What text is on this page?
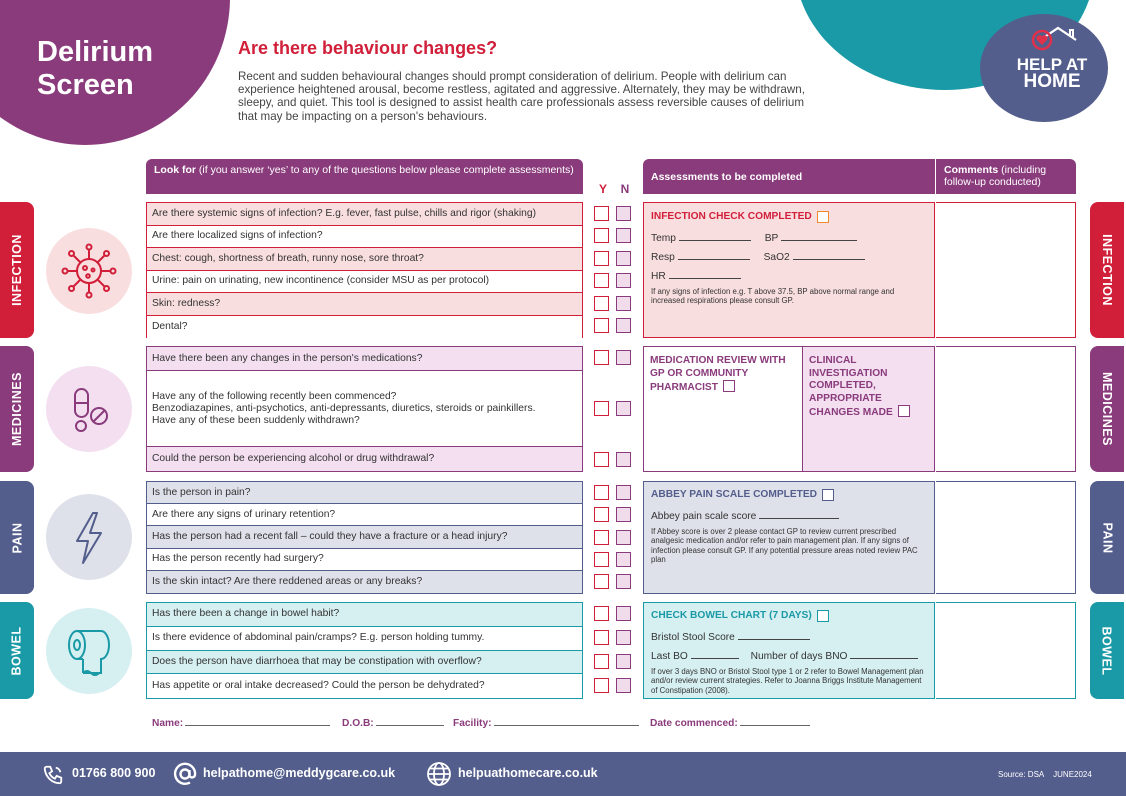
Delirium
Screen
HELP AT
HOME
Are there behaviour changes?
Recent and sudden behavioural changes should prompt consideration of delirium. People with delirium can experience heightened arousal, become restless, agitated and aggressive. Alternately, they may be withdrawn, sleepy, and quiet. This tool is designed to assist health care professionals assess reversible causes of delirium that may be impacting on a person's behaviours.
Look for (if you answer ‘yes’ to any of the questions below please complete assessments)
Y	N
Assessments to be completed
Comments (including follow-up conducted)
INFECTION	INFECTION
Are there systemic signs of infection? E.g. fever, fast pulse, chills and rigor (shaking)
Are there localized signs of infection?
Chest: cough, shortness of breath, runny nose, sore throat?
Urine: pain on urinating, new incontinence (consider MSU as per protocol)
Skin: redness?
Dental?
INFECTION CHECK COMPLETED
Temp	BP
Resp	SaO2
HR
If any signs of infection e.g. T above 37.5, BP above normal range and increased respirations please consult GP.
MEDICINES	MEDICINES
Have there been any changes in the person's medications?
Have any of the following recently been commenced?
Benzodiazapines, anti-psychotics, anti-depressants, diuretics, steroids or painkillers.
Have any of these been suddenly withdrawn?
Could the person be experiencing alcohol or drug withdrawal?
MEDICATION REVIEW WITH GP OR COMMUNITY PHARMACIST
CLINICAL INVESTIGATION COMPLETED, APPROPRIATE CHANGES MADE
PAIN	PAIN
Is the person in pain?
Are there any signs of urinary retention?
Has the person had a recent fall – could they have a fracture or a head injury?
Has the person recently had surgery?
Is the skin intact? Are there reddened areas or any breaks?
ABBEY PAIN SCALE COMPLETED
Abbey pain scale score
If Abbey score is over 2 please contact GP to review current prescribed analgesic medication and/or refer to pain management plan. If any signs of infection please consult GP. If any potential pressure areas noted review PAC plan
BOWEL	BOWEL
Has there been a change in bowel habit?
Is there evidence of abdominal pain/cramps? E.g. person holding tummy.
Does the person have diarrhoea that may be constipation with overflow?
Has appetite or oral intake decreased? Could the person be dehydrated?
CHECK BOWEL CHART (7 DAYS)
Bristol Stool Score
Last BO	Number of days BNO
If over 3 days BNO or Bristol Stool type 1 or 2 refer to Bowel Management plan and/or review current strategies. Refer to Joanna Briggs Institute Management of Constipation (2008).
Name:	D.O.B:	Facility:	Date commenced:
01766 800 900	helpathome@meddygcare.co.uk	helpuathomecare.co.uk	Source: DSA JUNE2024
